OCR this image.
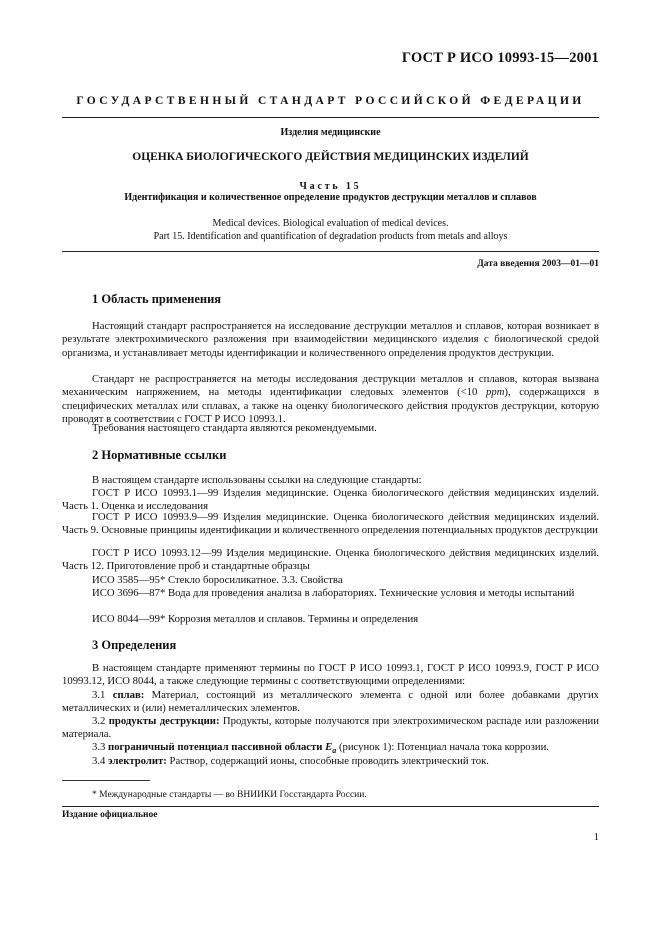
ГОСТ Р ИСО 10993-15—2001
ГОСУДАРСТВЕННЫЙ СТАНДАРТ РОССИЙСКОЙ ФЕДЕРАЦИИ
Изделия медицинские
ОЦЕНКА БИОЛОГИЧЕСКОГО ДЕЙСТВИЯ МЕДИЦИНСКИХ ИЗДЕЛИЙ
Часть 15
Идентификация и количественное определение продуктов деструкции металлов и сплавов
Medical devices. Biological evaluation of medical devices.
Part 15. Identification and quantification of degradation products from metals and alloys
Дата введения 2003—01—01
1 Область применения

Настоящий стандарт распространяется на исследование деструкции металлов и сплавов, которая возникает в результате электрохимического разложения при взаимодействии медицинского изделия с биологической средой организма, и устанавливает методы идентификации и количественного определения продуктов деструкции.

Стандарт не распространяется на методы исследования деструкции металлов и сплавов, которая вызвана механическим напряжением, на методы идентификации следовых элементов (<10 ppm), содержащихся в специфических металлах или сплавах, а также на оценку биологического действия продуктов деструкции, которую проводят в соответствии с ГОСТ Р ИСО 10993.1.

Требования настоящего стандарта являются рекомендуемыми.

2 Нормативные ссылки

В настоящем стандарте использованы ссылки на следующие стандарты:

ГОСТ Р ИСО 10993.1—99 Изделия медицинские. Оценка биологического действия медицинских изделий. Часть 1. Оценка и исследования

ГОСТ Р ИСО 10993.9—99 Изделия медицинские. Оценка биологического действия медицинских изделий. Часть 9. Основные принципы идентификации и количественного определения потенциальных продуктов деструкции

ГОСТ Р ИСО 10993.12—99 Изделия медицинские. Оценка биологического действия медицинских изделий. Часть 12. Приготовление проб и стандартные образцы

ИСО 3585—95* Стекло боросиликатное. 3.3. Свойства

ИСО 3696—87* Вода для проведения анализа в лабораториях. Технические условия и методы испытаний

ИСО 8044—99* Коррозия металлов и сплавов. Термины и определения

3 Определения

В настоящем стандарте применяют термины по ГОСТ Р ИСО 10993.1, ГОСТ Р ИСО 10993.9, ГОСТ Р ИСО 10993.12, ИСО 8044, а также следующие термины с соответствующими определениями:

3.1 сплав: Материал, состоящий из металлического элемента с одной или более добавками других металлических и (или) неметаллических элементов.

3.2 продукты деструкции: Продукты, которые получаются при электрохимическом распаде или разложении материала.

3.3 пограничный потенциал пассивной области $E_a$ (рисунок 1): Потенциал начала тока коррозии.

3.4 электролит: Раствор, содержащий ионы, способные проводить электрический ток.

* Международные стандарты — во ВНИИКИ Госстандарта России.
Издание официальное
1
